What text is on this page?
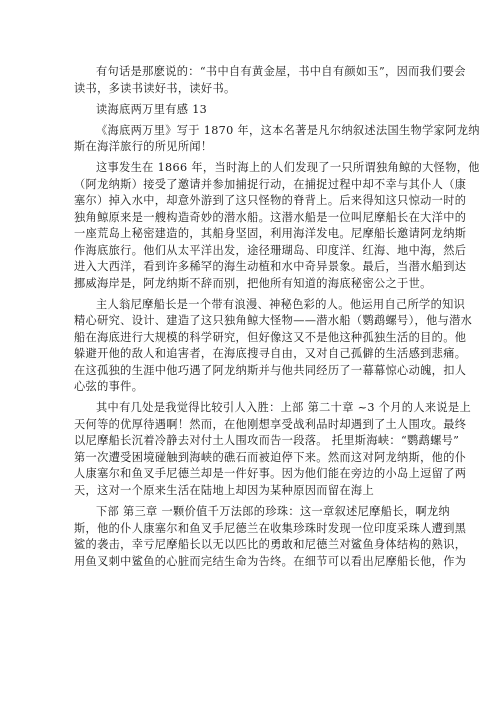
有句话是那麽说的：“书中自有黄金屋，书中自有颜如玉”，因而我们要会
读书，多读书读好书，读好书。
读海底两万里有感 13
《海底两万里》写于 1870 年，这本名著是凡尔纳叙述法国生物学家阿龙纳
斯在海洋旅行的所见所闻！
这事发生在 1866 年，当时海上的人们发现了一只所谓独角鲸的大怪物，他
（阿龙纳斯）接受了邀请并参加捕捉行动，在捕捉过程中却不幸与其仆人（康
塞尔）掉入水中，却意外游到了这只怪物的脊背上。后来得知这只惊动一时的
独角鲸原来是一艘构造奇妙的潜水船。这潜水船是一位叫尼摩船长在大洋中的
一座荒岛上秘密建造的，其船身坚固，利用海洋发电。尼摩船长邀请阿龙纳斯
作海底旅行。他们从太平洋出发，途径珊瑚岛、印度洋、红海、地中海，然后
进入大西洋，看到许多稀罕的海生动植和水中奇异景象。最后，当潜水船到达
挪威海岸是，阿龙纳斯不辞而别，把他所有知道的海底秘密公之于世。
主人翁尼摩船长是一个带有浪漫、神秘色彩的人。他运用自己所学的知识
精心研究、设计、建造了这只独角鲸大怪物——潜水船（鹦鹉螺号），他与潜水
船在海底进行大规模的科学研究，但好像这又不是他这种孤独生活的目的。他
躲避开他的敌人和追害者，在海底搜寻自由，又对自己孤僻的生活感到悲痛。
在这孤独的生涯中他巧遇了阿龙纳斯并与他共同经历了一幕幕惊心动魄，扣人
心弦的事件。
其中有几处是我觉得比较引人入胜：上部 第二十章 ~3 个月的人来说是上
天何等的优厚待遇啊！然而，在他刚想享受战利品时却遇到了土人围攻。最终
以尼摩船长沉着冷静去对付土人围攻而告一段落。 托里斯海峡：“鹦鹉螺号”
第一次遭受困境碰触到海峡的礁石而被迫停下来。然而这对阿龙纳斯，他的仆
人康塞尔和鱼叉手尼德兰却是一件好事。因为他们能在旁边的小岛上逗留了两
天，这对一个原来生活在陆地上却因为某种原因而留在海上
下部 第三章 一颗价值千万法郎的珍珠：这一章叙述尼摩船长，啊龙纳
斯，他的仆人康塞尔和鱼叉手尼德兰在收集珍珠时发现一位印度采珠人遭到黑
鲨的袭击，幸亏尼摩船长以无以匹比的勇敢和尼德兰对鲨鱼身体结构的熟识，
用鱼叉刺中鲨鱼的心脏而完结生命为告终。在细节可以看出尼摩船长他，作为
